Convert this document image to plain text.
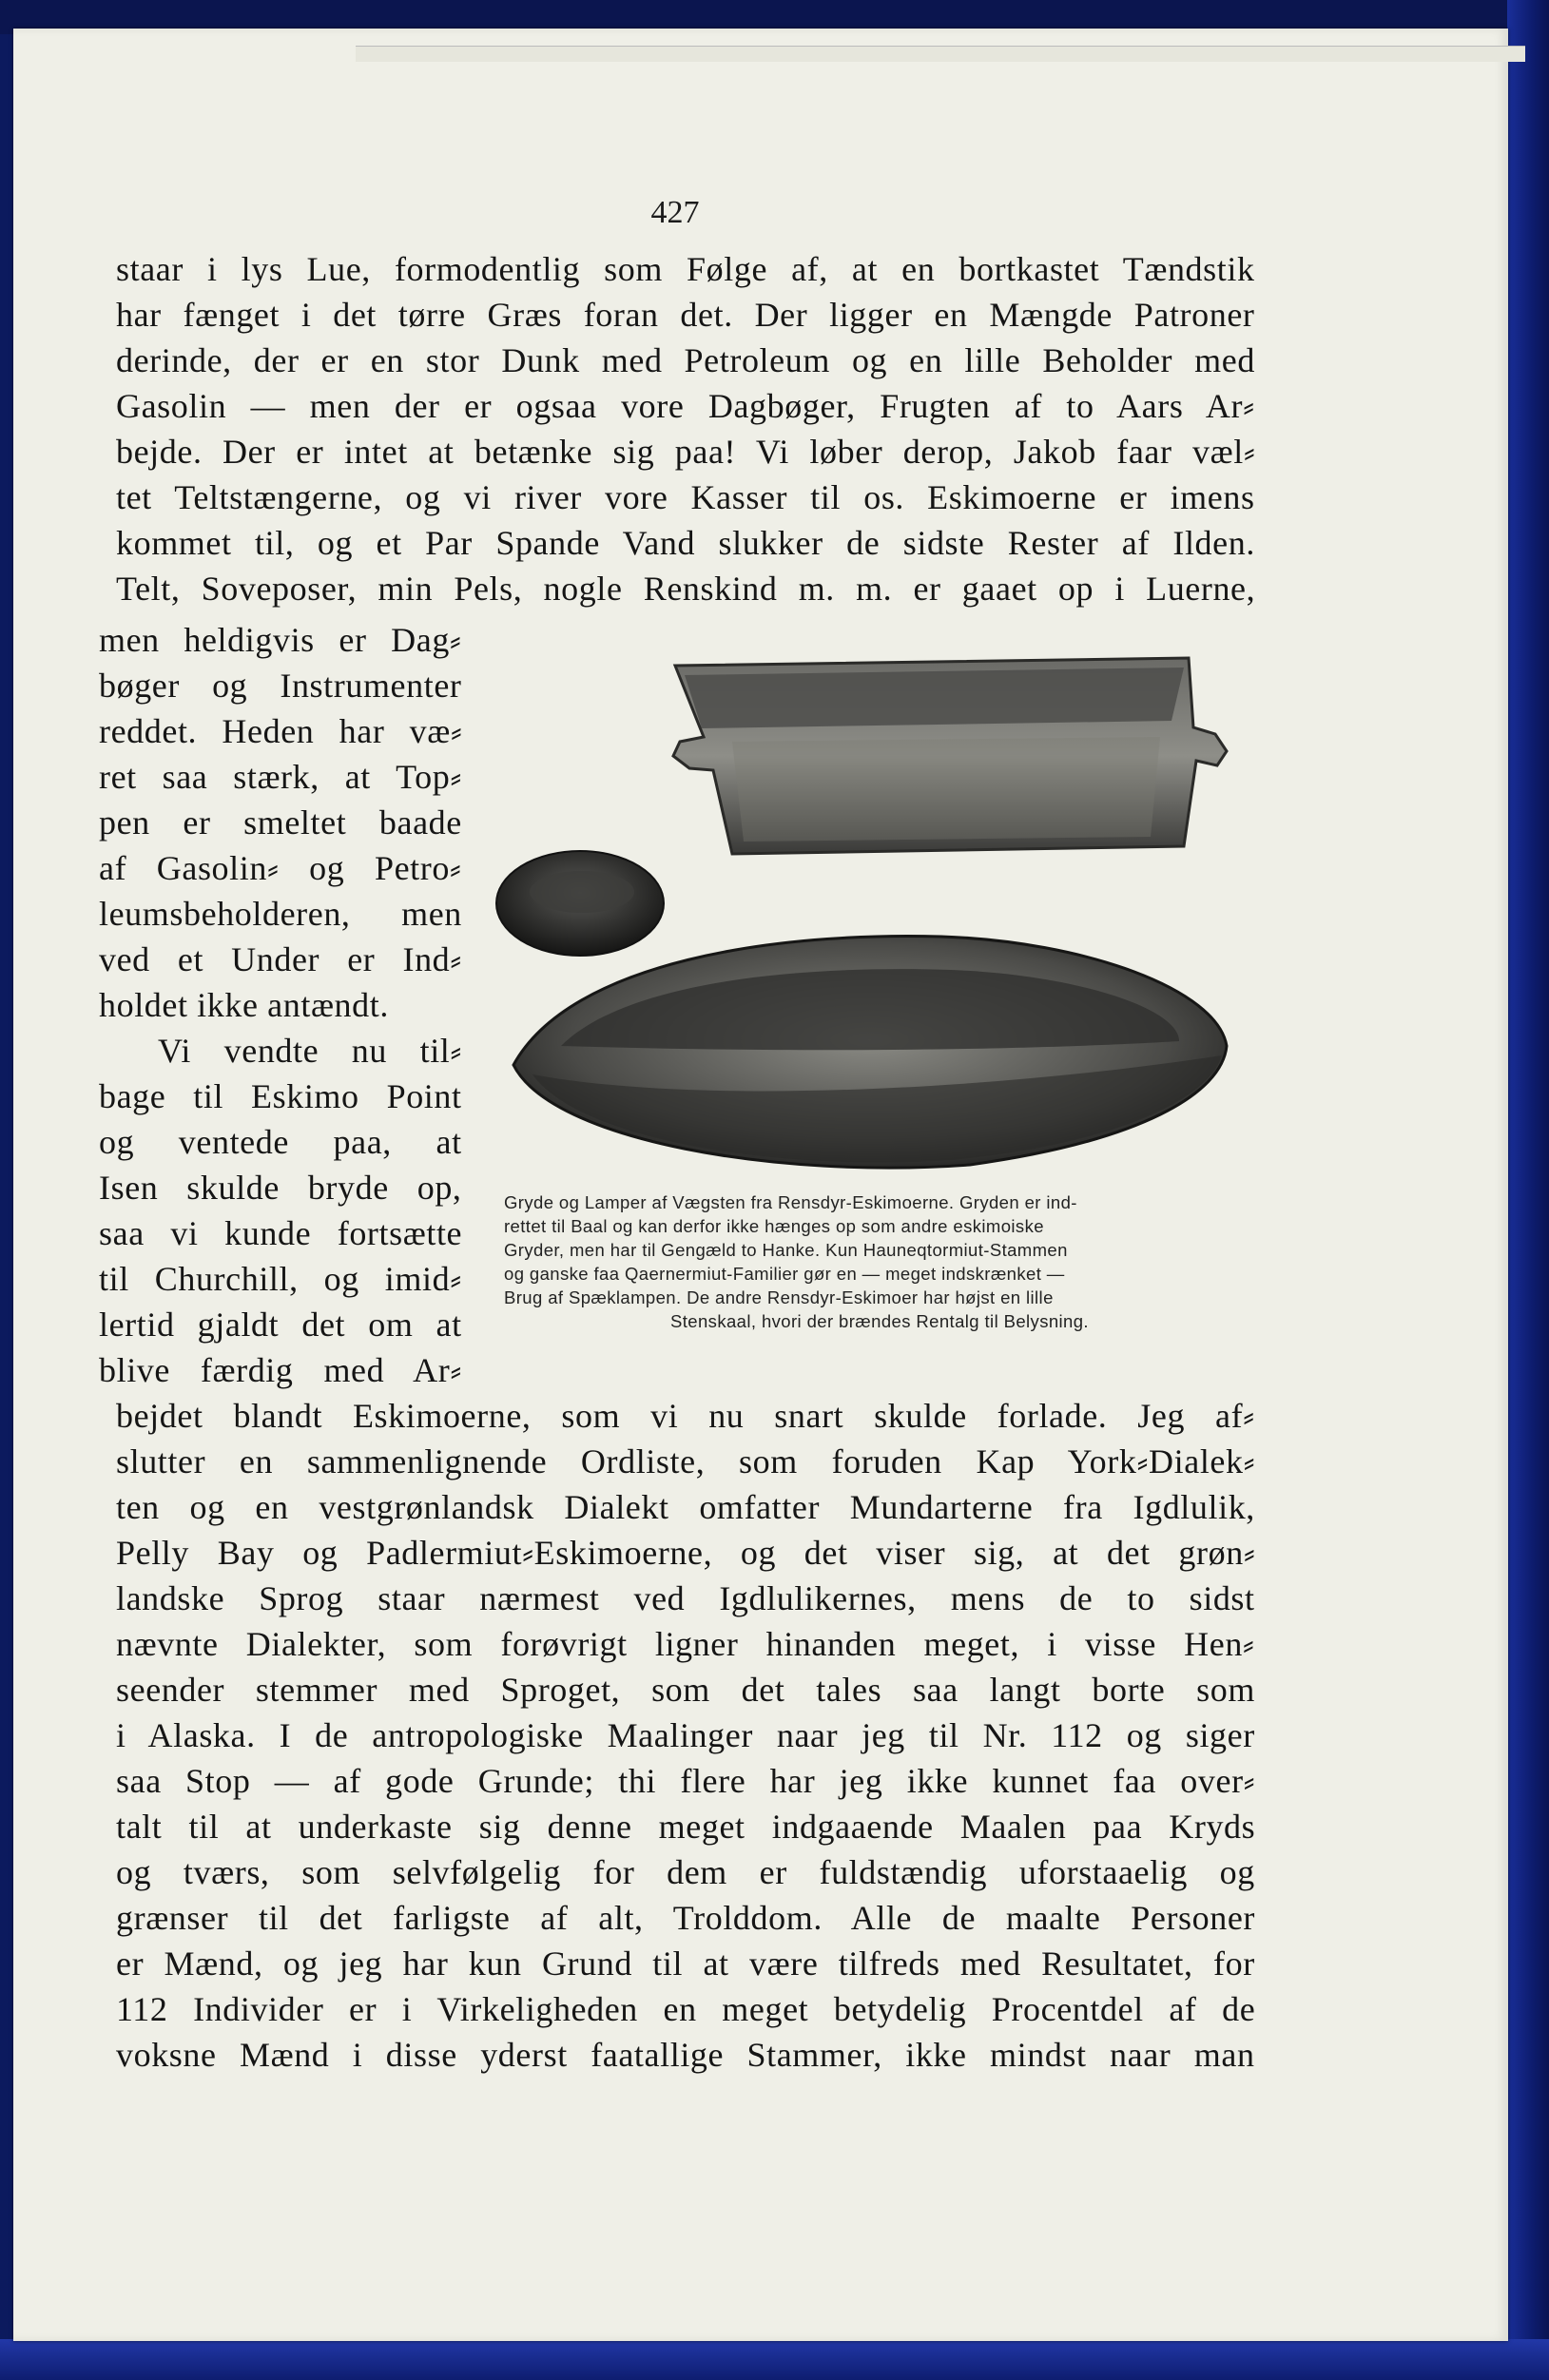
427
staar i lys Lue, formodentlig som Følge af, at en bortkastet Tændstik
har fænget i det tørre Græs foran det. Der ligger en Mængde Patroner
derinde, der er en stor Dunk med Petroleum og en lille Beholder med
Gasolin — men der er ogsaa vore Dagbøger, Frugten af to Aars Ar⸗
bejde. Der er intet at betænke sig paa! Vi løber derop, Jakob faar væl⸗
tet Teltstængerne, og vi river vore Kasser til os. Eskimoerne er imens
kommet til, og et Par Spande Vand slukker de sidste Rester af Ilden.
Telt, Soveposer, min Pels, nogle Renskind m. m. er gaaet op i Luerne,
men heldigvis er Dag⸗
bøger og Instrumenter
reddet. Heden har væ⸗
ret saa stærk, at Top⸗
pen er smeltet baade
af Gasolin⸗ og Petro⸗
leumsbeholderen, men
ved et Under er Ind⸗
holdet ikke antændt.
Vi vendte nu til⸗
bage til Eskimo Point
og ventede paa, at
Isen skulde bryde op,
saa vi kunde fortsætte
til Churchill, og imid⸗
lertid gjaldt det om at
blive færdig med Ar⸗
Gryde og Lamper af Vægsten fra Rensdyr-Eskimoerne. Gryden er ind-
rettet til Baal og kan derfor ikke hænges op som andre eskimoiske
Gryder, men har til Gengæld to Hanke. Kun Hauneqtormiut-Stammen
og ganske faa Qaernermiut-Familier gør en — meget indskrænket —
Brug af Spæklampen. De andre Rensdyr-Eskimoer har højst en lille
Stenskaal, hvori der brændes Rentalg til Belysning.
bejdet blandt Eskimoerne, som vi nu snart skulde forlade. Jeg af⸗
slutter en sammenlignende Ordliste, som foruden Kap York⸗Dialek⸗
ten og en vestgrønlandsk Dialekt omfatter Mundarterne fra Igdlulik,
Pelly Bay og Padlermiut⸗Eskimoerne, og det viser sig, at det grøn⸗
landske Sprog staar nærmest ved Igdlulikernes, mens de to sidst
nævnte Dialekter, som forøvrigt ligner hinanden meget, i visse Hen⸗
seender stemmer med Sproget, som det tales saa langt borte som
i Alaska. I de antropologiske Maalinger naar jeg til Nr. 112 og siger
saa Stop — af gode Grunde; thi flere har jeg ikke kunnet faa over⸗
talt til at underkaste sig denne meget indgaaende Maalen paa Kryds
og tværs, som selvfølgelig for dem er fuldstændig uforstaaelig og
grænser til det farligste af alt, Trolddom. Alle de maalte Personer
er Mænd, og jeg har kun Grund til at være tilfreds med Resultatet, for
112 Individer er i Virkeligheden en meget betydelig Procentdel af de
voksne Mænd i disse yderst faatallige Stammer, ikke mindst naar man
